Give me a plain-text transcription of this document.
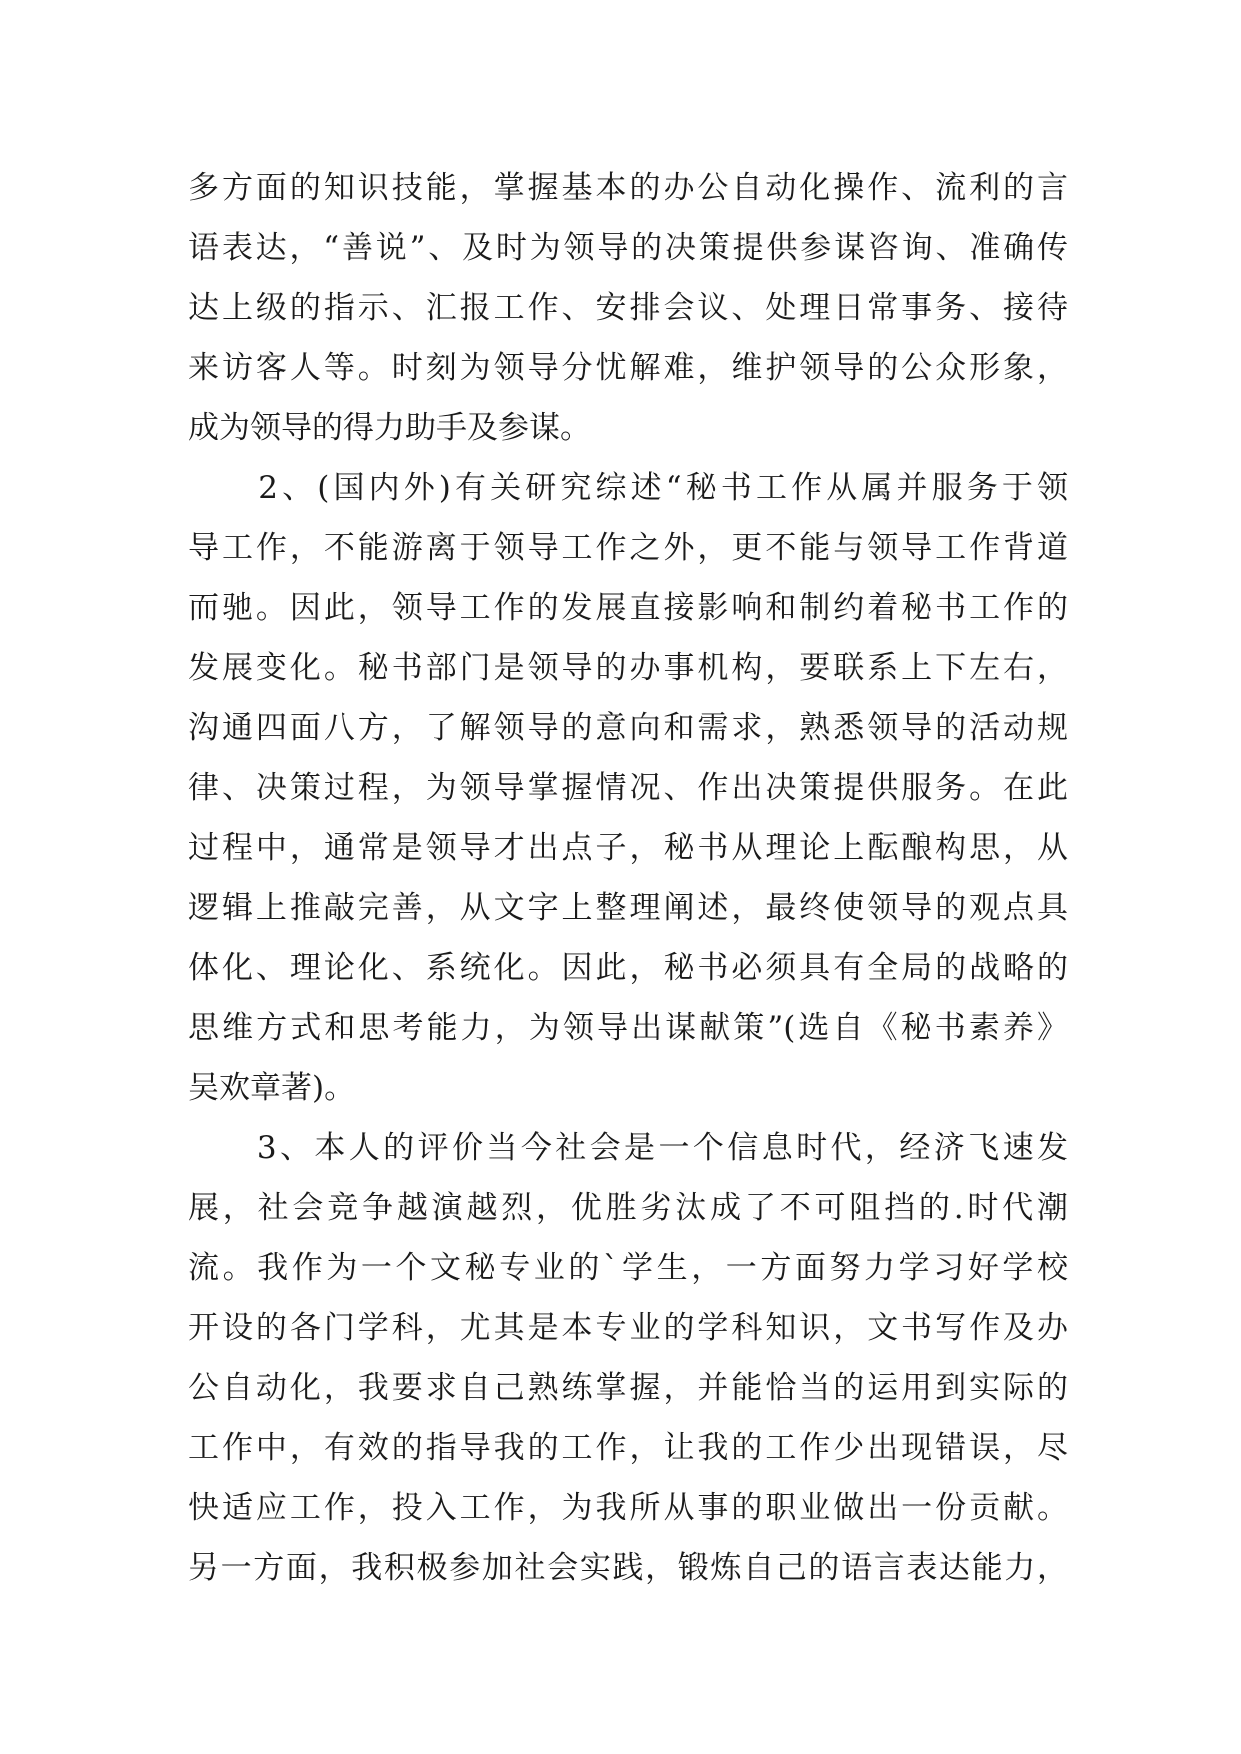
多方面的知识技能，掌握基本的办公自动化操作、流利的言
语表达，“善说”、及时为领导的决策提供参谋咨询、准确传
达上级的指示、汇报工作、安排会议、处理日常事务、接待
来访客人等。时刻为领导分忧解难，维护领导的公众形象，
成为领导的得力助手及参谋。
　　2、(国内外)有关研究综述“秘书工作从属并服务于领
导工作，不能游离于领导工作之外，更不能与领导工作背道
而驰。因此，领导工作的发展直接影响和制约着秘书工作的
发展变化。秘书部门是领导的办事机构，要联系上下左右，
沟通四面八方，了解领导的意向和需求，熟悉领导的活动规
律、决策过程，为领导掌握情况、作出决策提供服务。在此
过程中，通常是领导才出点子，秘书从理论上酝酿构思，从
逻辑上推敲完善，从文字上整理阐述，最终使领导的观点具
体化、理论化、系统化。因此，秘书必须具有全局的战略的
思维方式和思考能力，为领导出谋献策”(选自《秘书素养》
吴欢章著)。
　　3、本人的评价当今社会是一个信息时代，经济飞速发
展，社会竞争越演越烈，优胜劣汰成了不可阻挡的.时代潮
流。我作为一个文秘专业的`学生，一方面努力学习好学校
开设的各门学科，尤其是本专业的学科知识，文书写作及办
公自动化，我要求自己熟练掌握，并能恰当的运用到实际的
工作中，有效的指导我的工作，让我的工作少出现错误，尽
快适应工作，投入工作，为我所从事的职业做出一份贡献。
另一方面，我积极参加社会实践，锻炼自己的语言表达能力，
